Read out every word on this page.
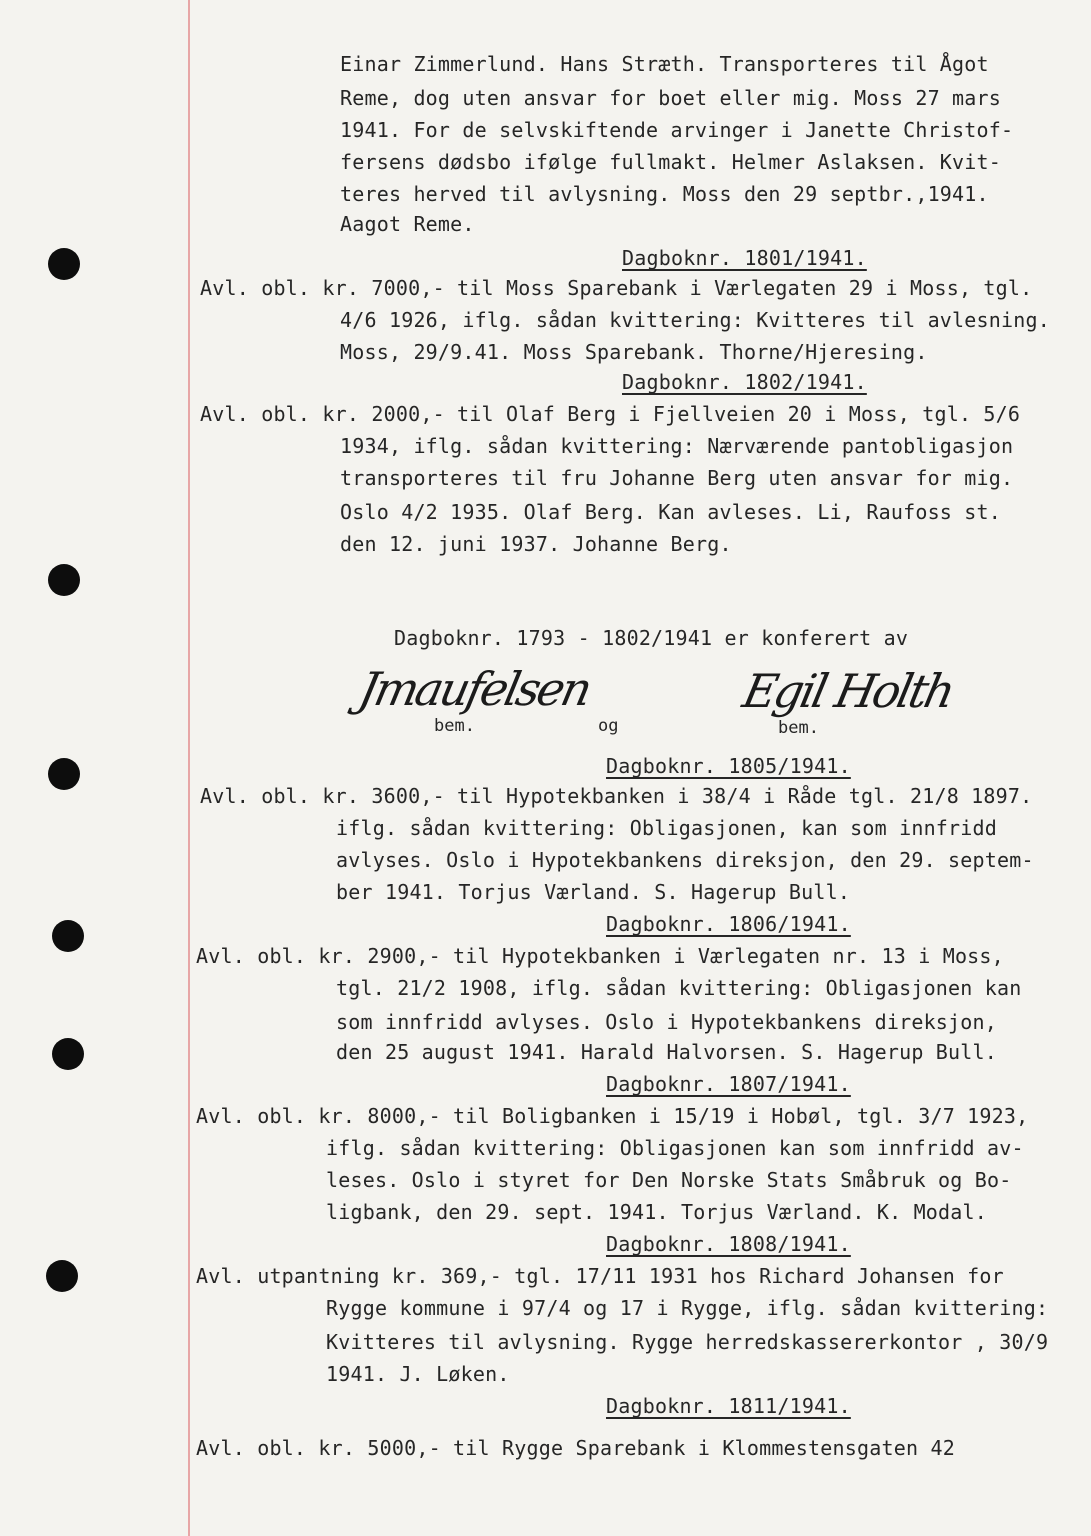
Einar Zimmerlund. Hans Stræth. Transporteres til Ågot
Reme, dog uten ansvar for boet eller mig. Moss 27 mars
1941. For de selvskiftende arvinger i Janette Christof-
fersens dødsbo ifølge fullmakt. Helmer Aslaksen. Kvit-
teres herved til avlysning. Moss den 29 septbr.,1941.
Aagot Reme.
Dagboknr. 1801/1941.
Avl. obl. kr. 7000,- til Moss Sparebank i Værlegaten 29 i Moss, tgl.
4/6 1926, iflg. sådan kvittering: Kvitteres til avlesning.
Moss, 29/9.41. Moss Sparebank. Thorne/Hjeresing.
Dagboknr. 1802/1941.
Avl. obl. kr. 2000,- til Olaf Berg i Fjellveien 20 i Moss, tgl. 5/6
1934, iflg. sådan kvittering: Nærværende pantobligasjon
transporteres til fru Johanne Berg uten ansvar for mig.
Oslo 4/2 1935. Olaf Berg. Kan avleses. Li, Raufoss st.
den 12. juni 1937. Johanne Berg.
Dagboknr. 1793 - 1802/1941 er konferert av
Jmaufelsen
bem.	og
Egil Holth
bem.
Dagboknr. 1805/1941.
Avl. obl. kr. 3600,- til Hypotekbanken i 38/4 i Råde tgl. 21/8 1897.
iflg. sådan kvittering: Obligasjonen, kan som innfridd
avlyses. Oslo i Hypotekbankens direksjon, den 29. septem-
ber 1941. Torjus Værland. S. Hagerup Bull.
Dagboknr. 1806/1941.
Avl. obl. kr. 2900,- til Hypotekbanken i Værlegaten nr. 13 i Moss,
tgl. 21/2 1908, iflg. sådan kvittering: Obligasjonen kan
som innfridd avlyses. Oslo i Hypotekbankens direksjon,
den 25 august 1941. Harald Halvorsen. S. Hagerup Bull.
Dagboknr. 1807/1941.
Avl. obl. kr. 8000,- til Boligbanken i 15/19 i Hobøl, tgl. 3/7 1923,
iflg. sådan kvittering: Obligasjonen kan som innfridd av-
leses. Oslo i styret for Den Norske Stats Småbruk og Bo-
ligbank, den 29. sept. 1941. Torjus Værland. K. Modal.
Dagboknr. 1808/1941.
Avl. utpantning kr. 369,- tgl. 17/11 1931 hos Richard Johansen for
Rygge kommune i 97/4 og 17 i Rygge, iflg. sådan kvittering:
Kvitteres til avlysning. Rygge herredskassererkontor , 30/9
1941. J. Løken.
Dagboknr. 1811/1941.
Avl. obl. kr. 5000,- til Rygge Sparebank i Klommestensgaten 42
